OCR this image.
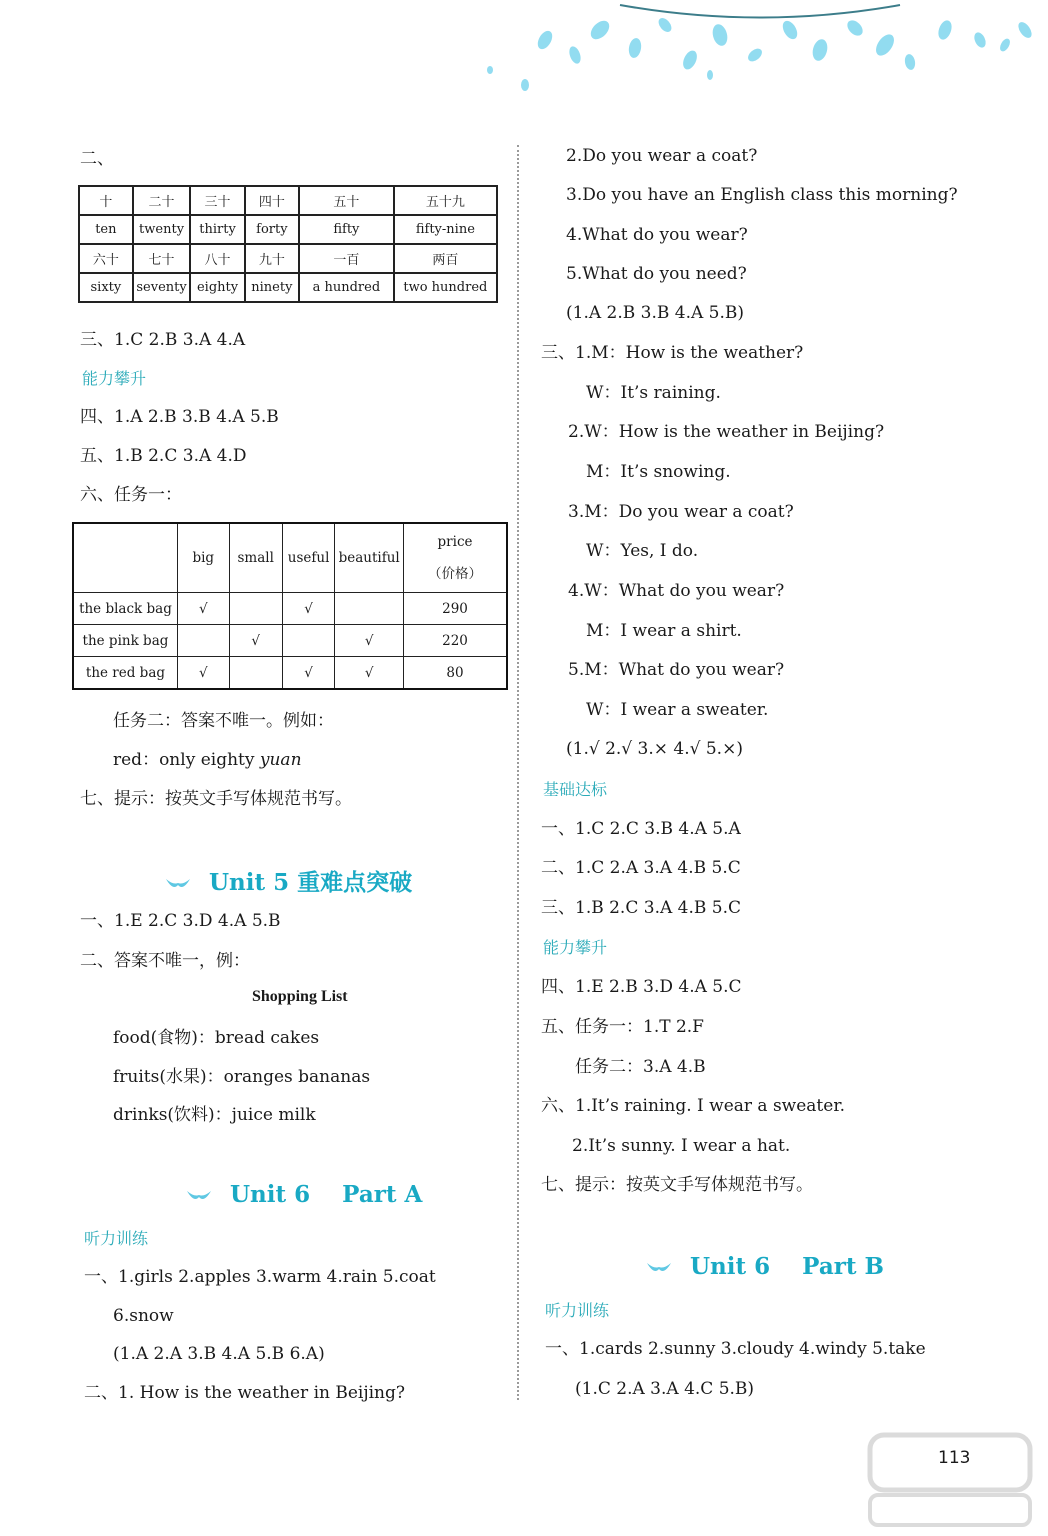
二、
十	二十	三十	四十	五十	五十九
ten	twenty	thirty	forty	fifty	fifty-nine
六十	七十	八十	九十	一百	两百
sixty	seventy	eighty	ninety	a hundred	two hundred
三、1.C 2.B 3.A 4.A
能力攀升
四、1.A 2.B 3.B 4.A 5.B
五、1.B 2.C 3.A 4.D
六、任务一：
	big	small	useful	beautiful	price
（价格）

the black bag	√		√		290
the pink bag		√		√	220
the red bag	√		√	√	80
任务二：答案不唯一。例如：
red：only eighty yuan
七、提示：按英文手写体规范书写。
Unit 5 重难点突破
一、1.E 2.C 3.D 4.A 5.B
二、答案不唯一，例：
Shopping List
food(食物)：bread cakes
fruits(水果)：oranges bananas
drinks(饮料)：juice milk
Unit 6    Part A
听力训练
一、1.girls 2.apples 3.warm 4.rain 5.coat
6.snow
(1.A 2.A 3.B 4.A 5.B 6.A)
二、1. How is the weather in Beijing?
2.Do you wear a coat?
3.Do you have an English class this morning?
4.What do you wear?
5.What do you need?
(1.A 2.B 3.B 4.A 5.B)
三、1.M：How is the weather?
W：It’s raining.
2.W：How is the weather in Beijing?
M：It’s snowing.
3.M：Do you wear a coat?
W：Yes, I do.
4.W：What do you wear?
M：I wear a shirt.
5.M：What do you wear?
W：I wear a sweater.
(1.√ 2.√ 3.× 4.√ 5.×)
基础达标
一、1.C 2.C 3.B 4.A 5.A
二、1.C 2.A 3.A 4.B 5.C
三、1.B 2.C 3.A 4.B 5.C
能力攀升
四、1.E 2.B 3.D 4.A 5.C
五、任务一：1.T 2.F
任务二：3.A 4.B
六、1.It’s raining. I wear a sweater.
2.It’s sunny. I wear a hat.
七、提示：按英文手写体规范书写。
Unit 6    Part B
听力训练
一、1.cards 2.sunny 3.cloudy 4.windy 5.take
(1.C 2.A 3.A 4.C 5.B)
113
